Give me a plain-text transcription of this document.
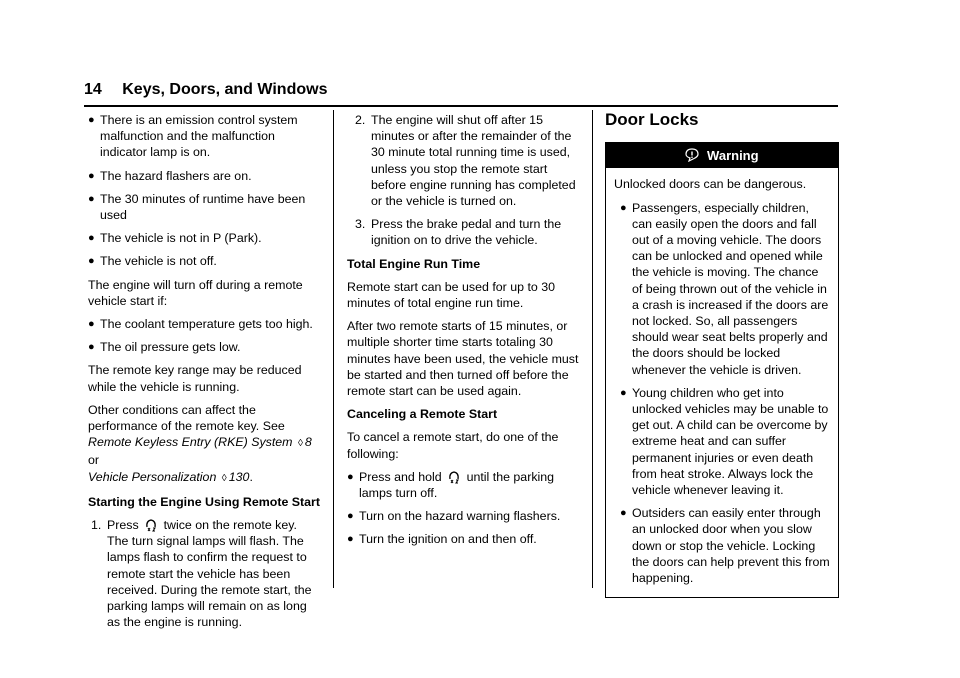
14 Keys, Doors, and Windows
● There is an emission control system malfunction and the malfunction indicator lamp is on.
● The hazard flashers are on.
● The 30 minutes of runtime have been used
● The vehicle is not in P (Park).
● The vehicle is not off.

The engine will turn off during a remote vehicle start if:

● The coolant temperature gets too high.
● The oil pressure gets low.

The remote key range may be reduced while the vehicle is running.

Other conditions can affect the performance of the remote key. See Remote Keyless Entry (RKE) System ◊ 8 or
Vehicle Personalization ◊ 130.

Starting the Engine Using Remote Start

1. Press twice on the remote key. The turn signal lamps will flash. The lamps flash to confirm the request to remote start the vehicle has been received. During the remote start, the parking lamps will remain on as long as the engine is running.
2. The engine will shut off after 15 minutes or after the remainder of the 30 minute total running time is used, unless you stop the remote start before engine running has completed or the vehicle is turned on.
3. Press the brake pedal and turn the ignition on to drive the vehicle.

Total Engine Run Time

Remote start can be used for up to 30 minutes of total engine run time.

After two remote starts of 15 minutes, or multiple shorter time starts totaling 30 minutes have been used, the vehicle must be started and then turned off before the remote start can be used again.

Canceling a Remote Start

To cancel a remote start, do one of the following:

● Press and hold until the parking lamps turn off.
● Turn on the hazard warning flashers.
● Turn the ignition on and then off.
Door Locks
Warning

Unlocked doors can be dangerous.

● Passengers, especially children, can easily open the doors and fall out of a moving vehicle. The doors can be unlocked and opened while the vehicle is moving. The chance of being thrown out of the vehicle in a crash is increased if the doors are not locked. So, all passengers should wear seat belts properly and the doors should be locked whenever the vehicle is driven.
● Young children who get into unlocked vehicles may be unable to get out. A child can be overcome by extreme heat and can suffer permanent injuries or even death from heat stroke. Always lock the vehicle whenever leaving it.
● Outsiders can easily enter through an unlocked door when you slow down or stop the vehicle. Locking the doors can help prevent this from happening.
